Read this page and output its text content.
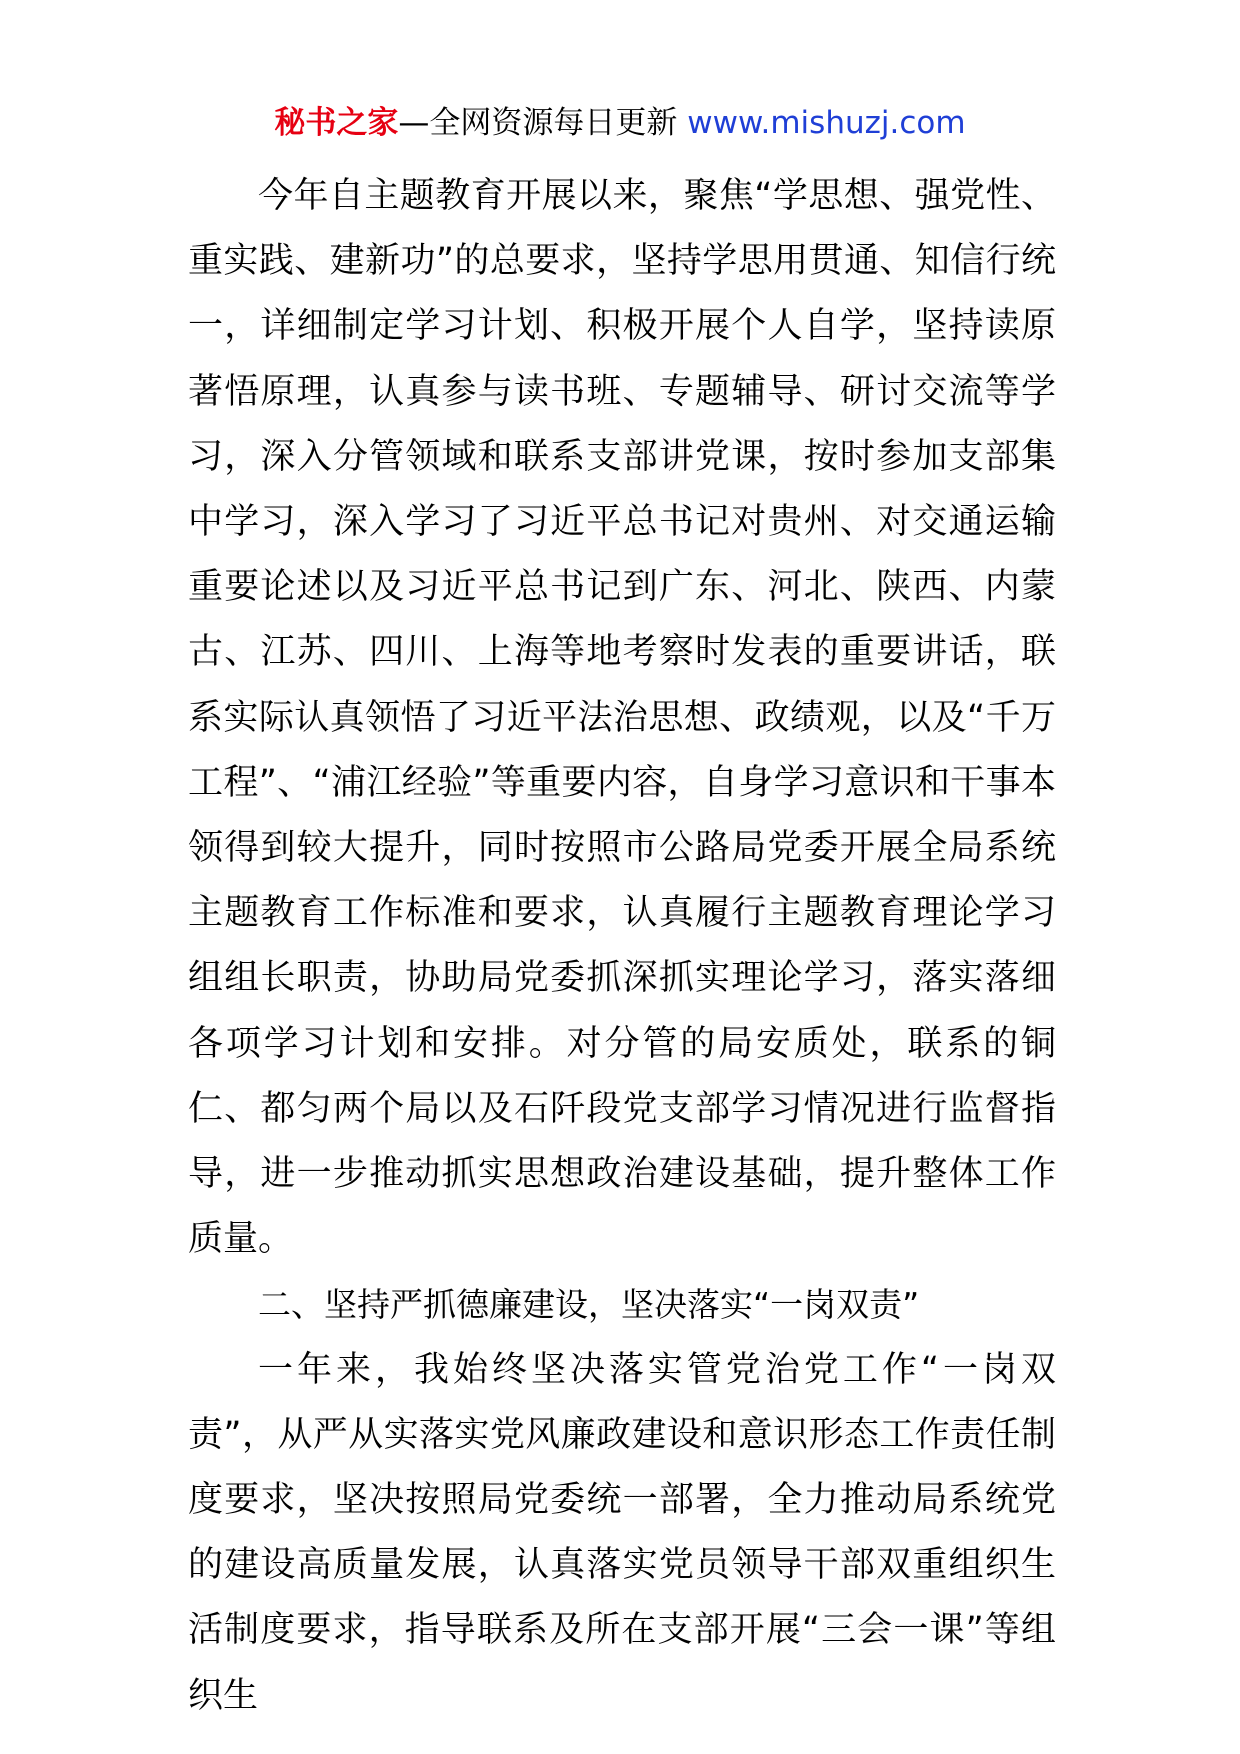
秘书之家—全网资源每日更新 www.mishuzj.com

今年自主题教育开展以来，聚焦“学思想、强党性、重实践、建新功”的总要求，坚持学思用贯通、知信行统一，详细制定学习计划、积极开展个人自学，坚持读原著悟原理，认真参与读书班、专题辅导、研讨交流等学习，深入分管领域和联系支部讲党课，按时参加支部集中学习，深入学习了习近平总书记对贵州、对交通运输重要论述以及习近平总书记到广东、河北、陕西、内蒙古、江苏、四川、上海等地考察时发表的重要讲话，联系实际认真领悟了习近平法治思想、政绩观，以及“千万工程”、“浦江经验”等重要内容，自身学习意识和干事本领得到较大提升，同时按照市公路局党委开展全局系统主题教育工作标准和要求，认真履行主题教育理论学习组组长职责，协助局党委抓深抓实理论学习，落实落细各项学习计划和安排。对分管的局安质处，联系的铜仁、都匀两个局以及石阡段党支部学习情况进行监督指导，进一步推动抓实思想政治建设基础，提升整体工作质量。

二、坚持严抓德廉建设，坚决落实“一岗双责”

一年来，我始终坚决落实管党治党工作“一岗双责”，从严从实落实党风廉政建设和意识形态工作责任制度要求，坚决按照局党委统一部署，全力推动局系统党的建设高质量发展，认真落实党员领导干部双重组织生活制度要求，指导联系及所在支部开展“三会一课”等组织生
